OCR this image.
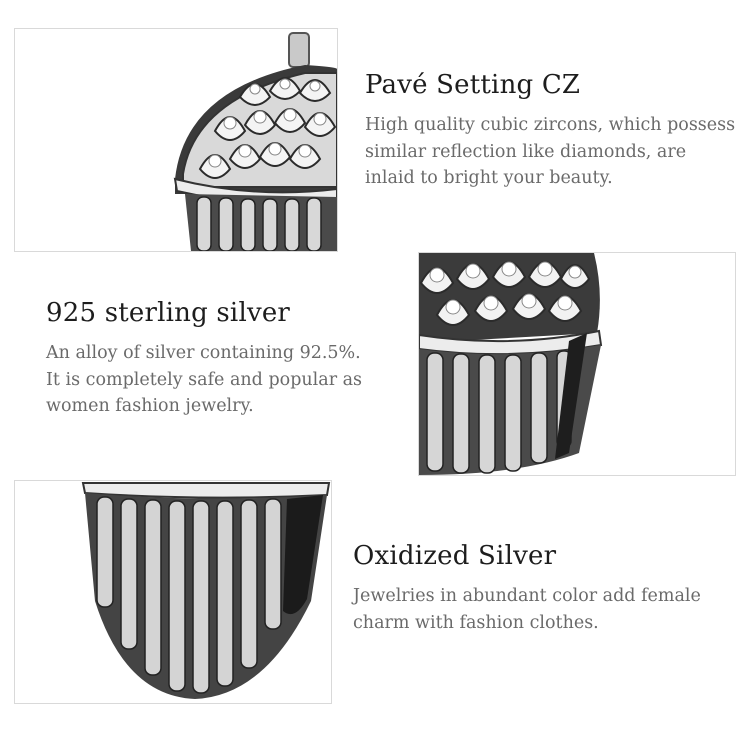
Pavé Setting CZ
High quality cubic zircons, which possess
similar reflection like diamonds, are
inlaid to bright your beauty.
925 sterling silver
An alloy of silver containing 92.5%.
It is completely safe and popular as
women fashion jewelry.
Oxidized Silver
Jewelries in abundant color add female
charm with fashion clothes.
